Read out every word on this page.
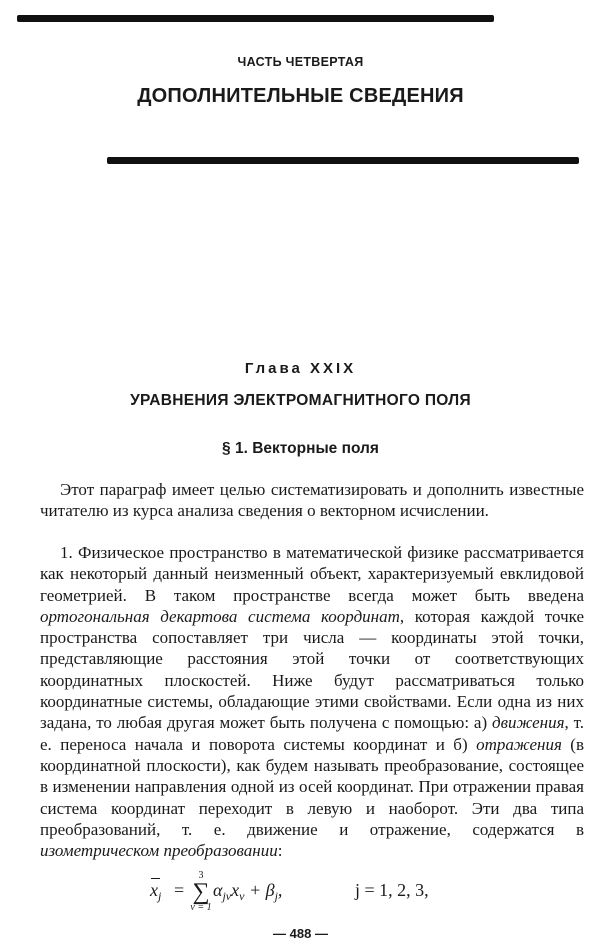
ЧАСТЬ ЧЕТВЕРТАЯ
ДОПОЛНИТЕЛЬНЫЕ СВЕДЕНИЯ
Глава XXIX
УРАВНЕНИЯ ЭЛЕКТРОМАГНИТНОГО ПОЛЯ
§ 1. Векторные поля
Этот параграф имеет целью систематизировать и дополнить известные читателю из курса анализа сведения о векторном исчислении.
1. Физическое пространство в математической физике рассматривается как некоторый данный неизменный объект, характеризуемый евклидовой геометрией. В таком пространстве всегда может быть введена ортогональная декартова система координат, которая каждой точке пространства сопоставляет три числа — координаты этой точки, представляющие расстояния этой точки от соответствующих координатных плоскостей. Ниже будут рассматриваться только координатные системы, обладающие этими свойствами. Если одна из них задана, то любая другая может быть получена с помощью: а) движения, т. е. переноса начала и поворота системы координат и б) отражения (в координатной плоскости), как будем называть преобразование, состоящее в изменении направления одной из осей координат. При отражении правая система координат переходит в левую и наоборот. Эти два типа преобразований, т. е. движение и отражение, содержатся в изометрическом преобразовании:
$x_j$ =
3
∑
ν = 1
$\alpha_{j\nu}x_\nu + \beta_j$,	j = 1, 2, 3,
— 488 —
